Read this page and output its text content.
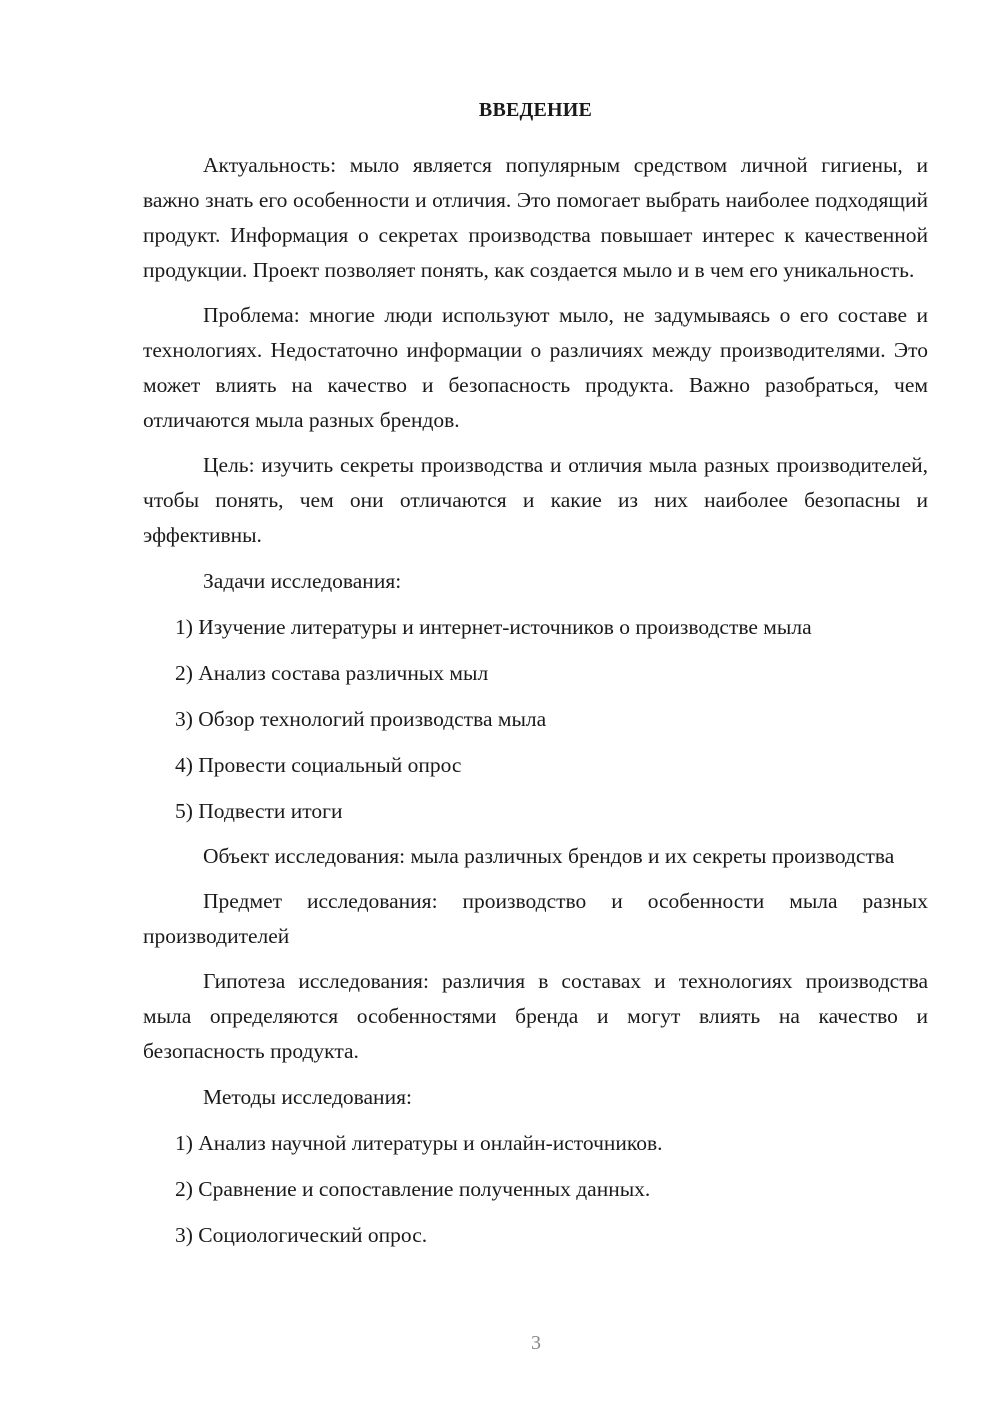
ВВЕДЕНИЕ

Актуальность: мыло является популярным средством личной гигиены, и важно знать его особенности и отличия. Это помогает выбрать наиболее подходящий продукт. Информация о секретах производства повышает интерес к качественной продукции. Проект позволяет понять, как создается мыло и в чем его уникальность.

Проблема: многие люди используют мыло, не задумываясь о его составе и технологиях. Недостаточно информации о различиях между производителями. Это может влиять на качество и безопасность продукта. Важно разобраться, чем отличаются мыла разных брендов.

Цель: изучить секреты производства и отличия мыла разных производителей, чтобы понять, чем они отличаются и какие из них наиболее безопасны и эффективны.

Задачи исследования:

1) Изучение литературы и интернет-источников о производстве мыла
2) Анализ состава различных мыл
3) Обзор технологий производства мыла
4) Провести социальный опрос
5) Подвести итоги

Объект исследования: мыла различных брендов и их секреты производства

Предмет исследования: производство и особенности мыла разных производителей

Гипотеза исследования: различия в составах и технологиях производства мыла определяются особенностями бренда и могут влиять на качество и безопасность продукта.

Методы исследования:

1) Анализ научной литературы и онлайн-источников.
2) Сравнение и сопоставление полученных данных.
3) Социологический опрос.
3
